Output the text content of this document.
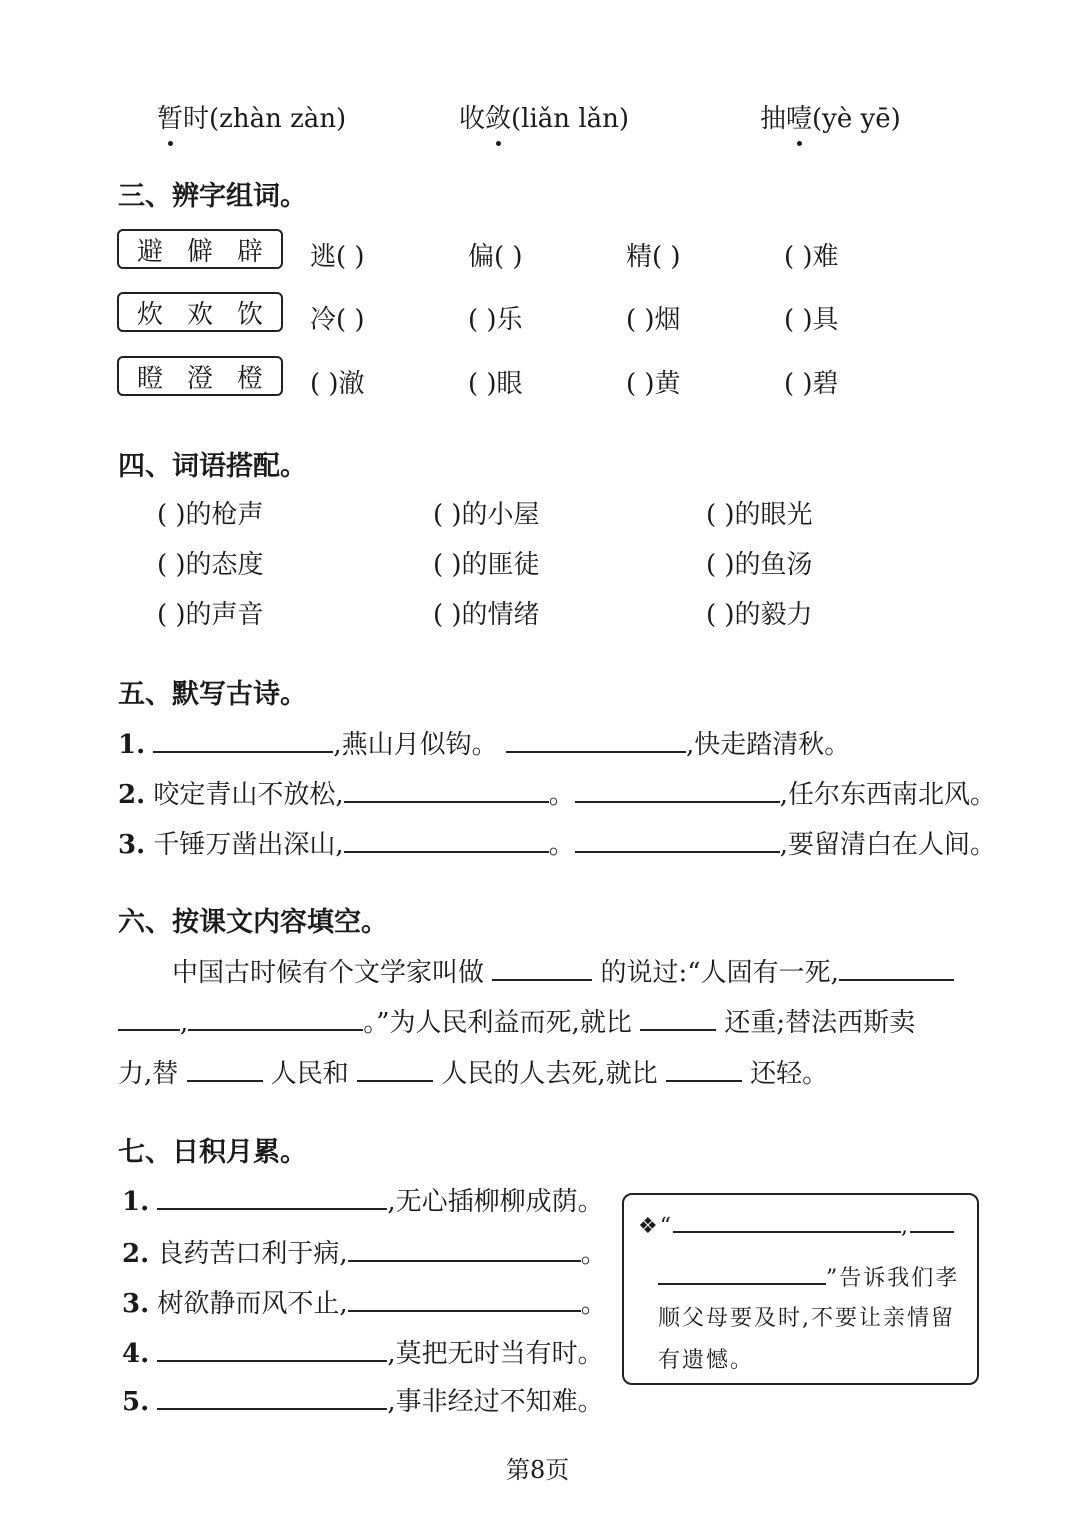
暂时(zhàn zàn)	收敛(liǎn lǎn)	抽噎(yè yē)
三、辨字组词。
避 僻 辟 逃( )	偏( )	精( )	( )难
炊 欢 饮 冷( )	( )乐	( )烟	( )具
瞪 澄 橙 ( )澈	( )眼	( )黄	( )碧
四、词语搭配。
( )的枪声	( )的小屋	( )的眼光
( )的态度	( )的匪徒	( )的鱼汤
( )的声音	( )的情绪	( )的毅力
五、默写古诗。
1.	,燕山月似钩。	,快走踏清秋。
2. 咬定青山不放松,	。	,任尔东西南北风。
3. 千锤万凿出深山,	。	,要留清白在人间。
六、按课文内容填空。
中国古时候有个文学家叫做	的说过:“人固有一死,
,	。”为人民利益而死,就比	还重;替法西斯卖
力,替	人民和	人民的人去死,就比	还轻。
七、日积月累。
1.	,无心插柳柳成荫。
2. 良药苦口利于病,	。
3. 树欲静而风不止,	。
4.	,莫把无时当有时。
5.	,事非经过不知难。
❖“	,
”告诉我们孝
顺父母要及时,不要让亲情留
有遗憾。
第8页
